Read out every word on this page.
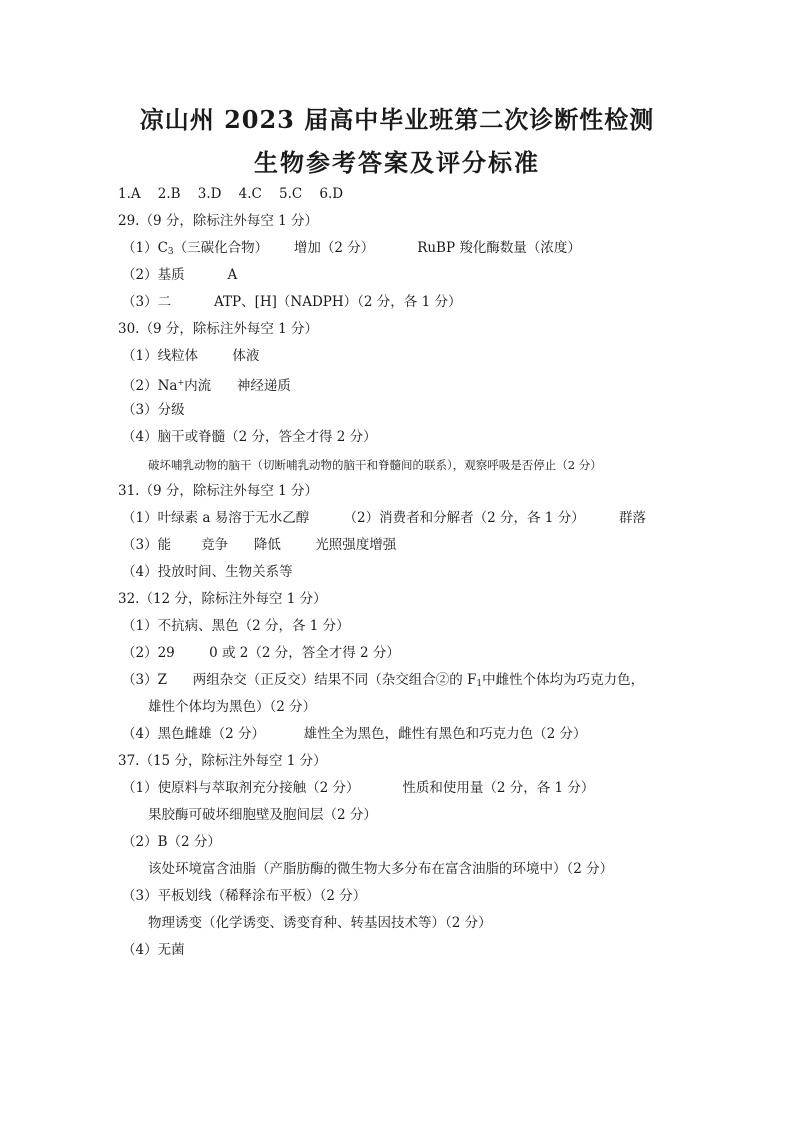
凉山州 2023 届高中毕业班第二次诊断性检测
生物参考答案及评分标准
1.A    2.B    3.D    4.C    5.C    6.D
29.（9 分，除标注外每空 1 分）
$(1)C_3$（三碳化合物）      增加（2 分）          RuBP 羧化酶数量（浓度）
（2）基质          A
（3）二          ATP、[H]（NADPH）（2 分，各 1 分）
30.（9 分，除标注外每空 1 分）
（1）线粒体        体液
（2）Na+内流      神经递质
（3）分级
（4）脑干或脊髓（2 分，答全才得 2 分）
破坏哺乳动物的脑干（切断哺乳动物的脑干和脊髓间的联系），观察呼吸是否停止（2 分）
31.（9 分，除标注外每空 1 分）
（1）叶绿素 a 易溶于无水乙醇        （2）消费者和分解者（2 分，各 1 分）        群落
（3）能       竞争      降低        光照强度增强
（4）投放时间、生物关系等
32.（12 分，除标注外每空 1 分）
（1）不抗病、黑色（2 分，各 1 分）
（2）29        0 或 2（2 分，答全才得 2 分）
（3）Z      两组杂交（正反交）结果不同（杂交组合②的 $F_1$中雌性个体均为巧克力色，
雄性个体均为黑色）（2 分）
（4）黑色雌雄（2 分）         雄性全为黑色，雌性有黑色和巧克力色（2 分）
37.（15 分，除标注外每空 1 分）
（1）使原料与萃取剂充分接触（2 分）          性质和使用量（2 分，各 1 分）
果胶酶可破坏细胞壁及胞间层（2 分）
（2）B（2 分）
该处环境富含油脂（产脂肪酶的微生物大多分布在富含油脂的环境中）（2 分）
（3）平板划线（稀释涂布平板）（2 分）
物理诱变（化学诱变、诱变育种、转基因技术等）（2 分）
（4）无菌
